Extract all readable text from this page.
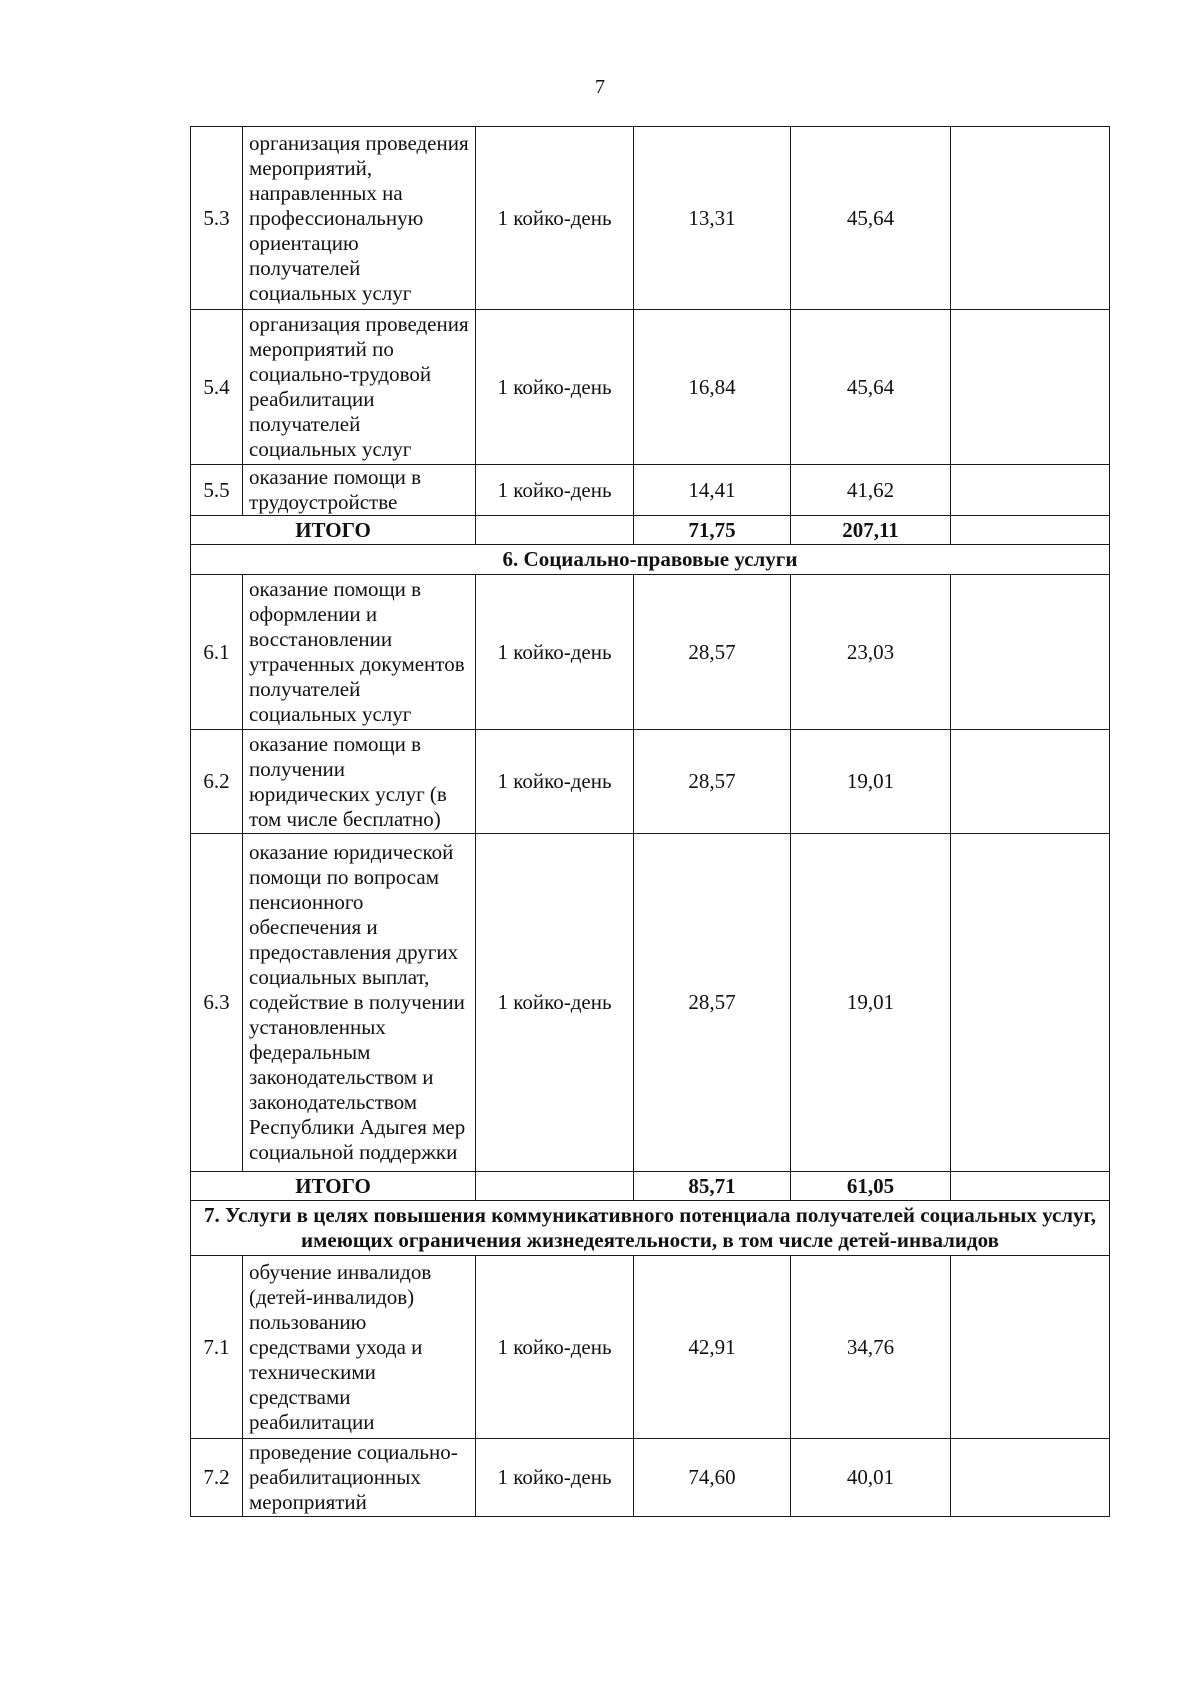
7
5.3	организация проведения мероприятий, направленных на профессиональную ориентацию получателей социальных услуг	1 койко-день	13,31	45,64	
5.4	организация проведения мероприятий по социально-трудовой реабилитации получателей социальных услуг	1 койко-день	16,84	45,64	
5.5	оказание помощи в трудоустройстве	1 койко-день	14,41	41,62	
ИТОГО			71,75	207,11	
6. Социально-правовые услуги					
6.1	оказание помощи в оформлении и восстановлении утраченных документов получателей социальных услуг	1 койко-день	28,57	23,03	
6.2	оказание помощи в получении юридических услуг (в том числе бесплатно)	1 койко-день	28,57	19,01	
6.3	оказание юридической помощи по вопросам пенсионного обеспечения и предоставления других социальных выплат, содействие в получении установленных федеральным законодательством и законодательством Республики Адыгея мер социальной поддержки	1 койко-день	28,57	19,01	
ИТОГО			85,71	61,05	
7. Услуги в целях повышения коммуникативного потенциала получателей социальных услуг, имеющих ограничения жизнедеятельности, в том числе детей-инвалидов					
7.1	обучение инвалидов (детей-инвалидов) пользованию средствами ухода и техническими средствами реабилитации	1 койко-день	42,91	34,76	
7.2	проведение социально-реабилитационных мероприятий	1 койко-день	74,60	40,01	
